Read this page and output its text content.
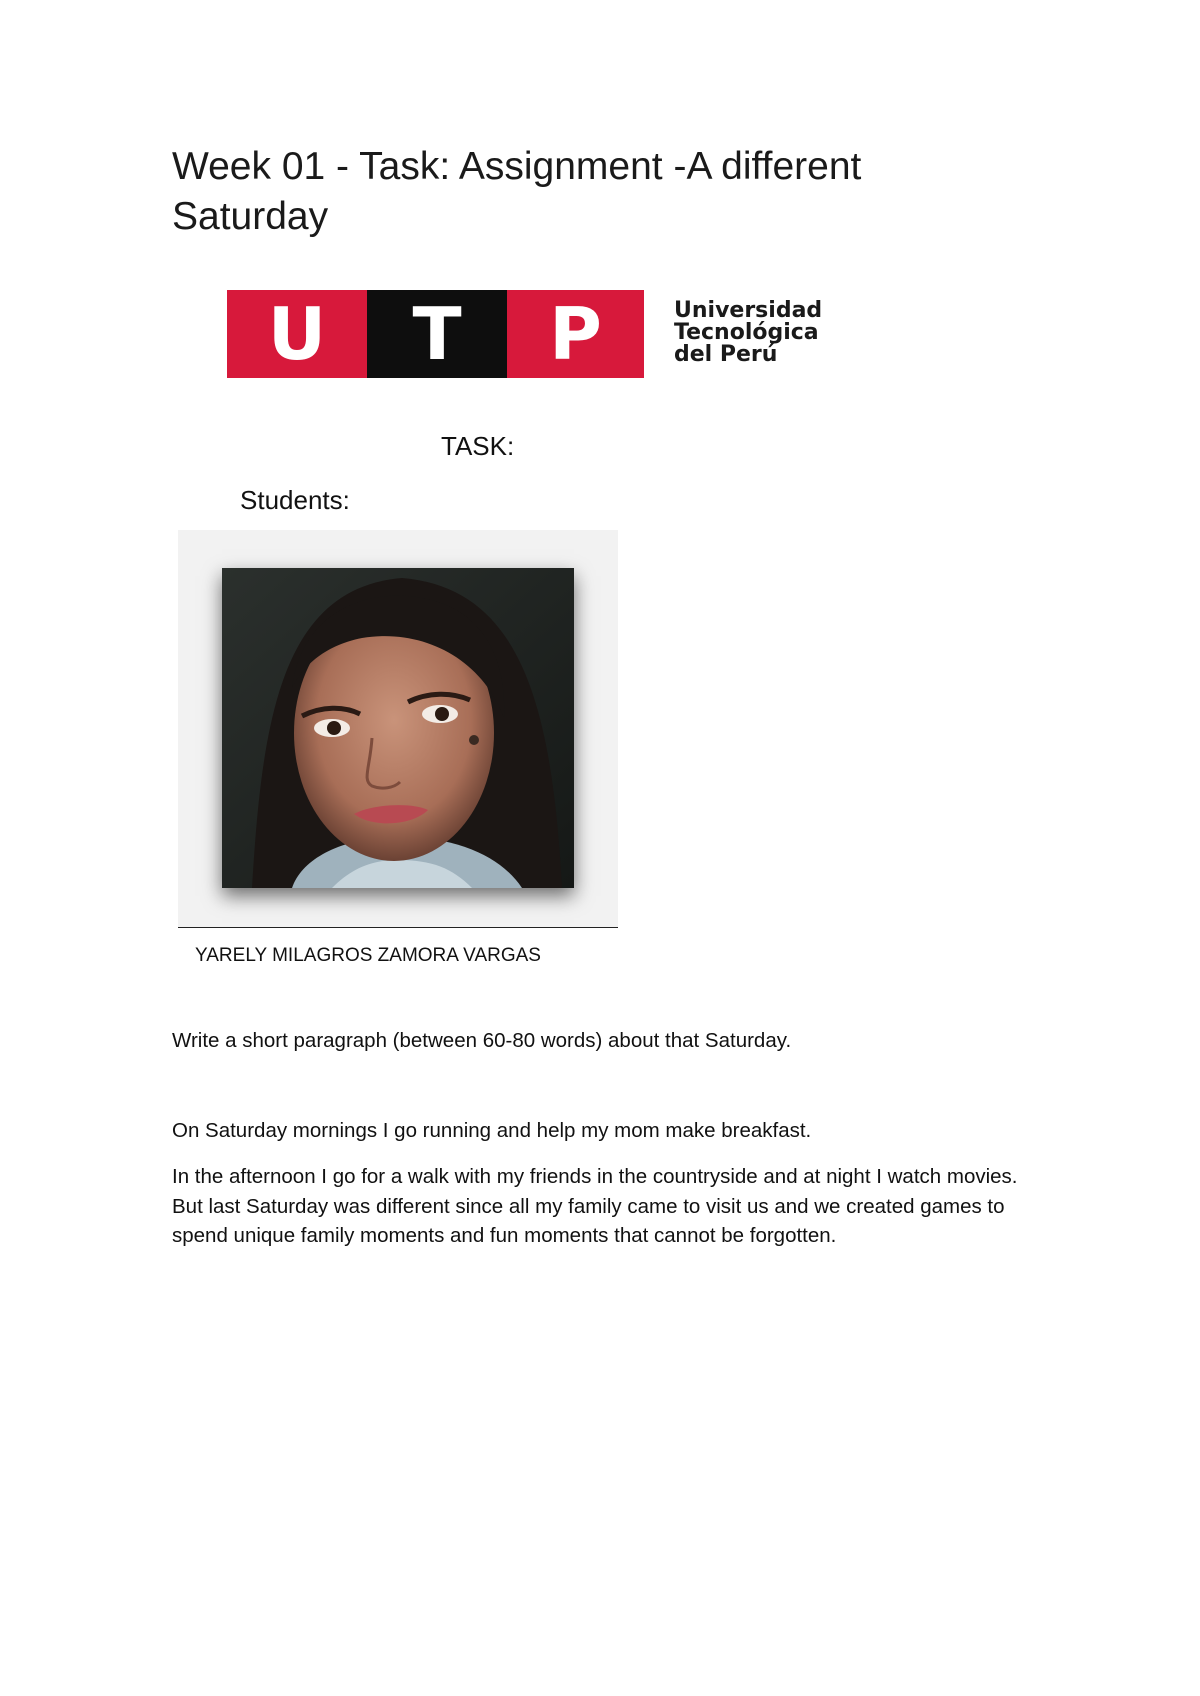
Week 01 - Task: Assignment -A different Saturday
U	T	P	Universidad
Tecnológica
del Perú
TASK:
Students:
YARELY MILAGROS ZAMORA VARGAS
Write a short paragraph (between 60-80 words) about that Saturday.

On Saturday mornings I go running and help my mom make breakfast.

In the afternoon I go for a walk with my friends in the countryside and at night I watch movies. But last Saturday was different since all my family came to visit us and we created games to spend unique family moments and fun moments that cannot be forgotten.
